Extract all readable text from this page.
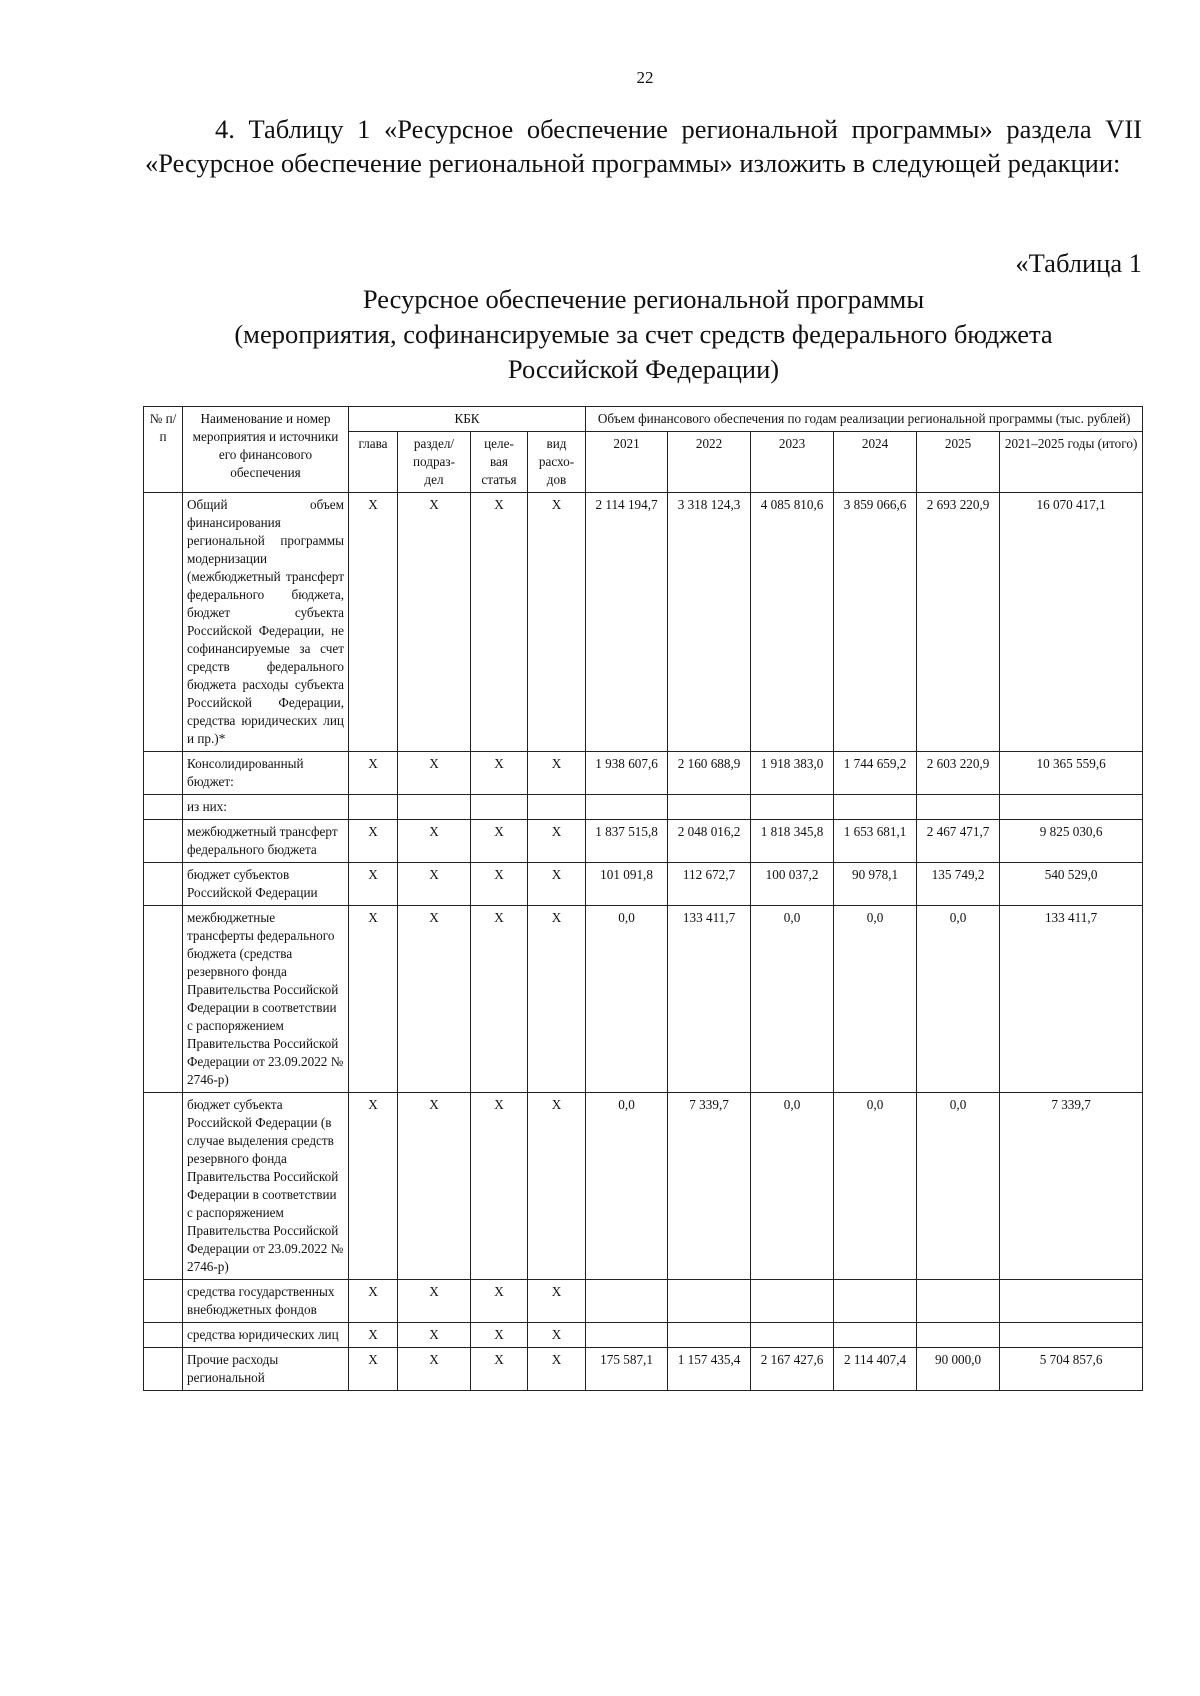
22

4. Таблицу 1 «Ресурсное обеспечение региональной программы» раздела VII «Ресурсное обеспечение региональной программы» изложить в следующей редакции:

«Таблица 1
Ресурсное обеспечение региональной программы
(мероприятия, софинансируемые за счет средств федерального бюджета
Российской Федерации)
№ п/п	Наименование и номер мероприятия и источники его финансового обеспечения	КБК				Объем финансового обеспечения по годам реализации региональной программы (тыс. рублей)					
		глава	раздел/ подраз- дел	целе- вая статья	вид расхо- дов	2021	2022	2023	2024	2025	2021–2025 годы (итого)
	Общий объем финансирования региональной программы модернизации (межбюджетный трансферт федерального бюджета, бюджет субъекта Российской Федерации, не софинансируемые за счет средств федерального бюджета расходы субъекта Российской Федерации, средства юридических лиц и пр.)*	X	X	X	X	2 114 194,7	3 318 124,3	4 085 810,6	3 859 066,6	2 693 220,9	16 070 417,1
	Консолидированный бюджет:	X	X	X	X	1 938 607,6	2 160 688,9	1 918 383,0	1 744 659,2	2 603 220,9	10 365 559,6
	из них:										
	межбюджетный трансферт федерального бюджета	X	X	X	X	1 837 515,8	2 048 016,2	1 818 345,8	1 653 681,1	2 467 471,7	9 825 030,6
	бюджет субъектов Российской Федерации	X	X	X	X	101 091,8	112 672,7	100 037,2	90 978,1	135 749,2	540 529,0
	межбюджетные трансферты федерального бюджета (средства резервного фонда Правительства Российской Федерации в соответствии с распоряжением Правительства Российской Федерации от 23.09.2022 № 2746-р)	X	X	X	X	0,0	133 411,7	0,0	0,0	0,0	133 411,7
	бюджет субъекта Российской Федерации (в случае выделения средств резервного фонда Правительства Российской Федерации в соответствии с распоряжением Правительства Российской Федерации от 23.09.2022 № 2746-р)	X	X	X	X	0,0	7 339,7	0,0	0,0	0,0	7 339,7
	средства государственных внебюджетных фондов	X	X	X	X						
	средства юридических лиц	X	X	X	X						
	Прочие расходы региональной	X	X	X	X	175 587,1	1 157 435,4	2 167 427,6	2 114 407,4	90 000,0	5 704 857,6
